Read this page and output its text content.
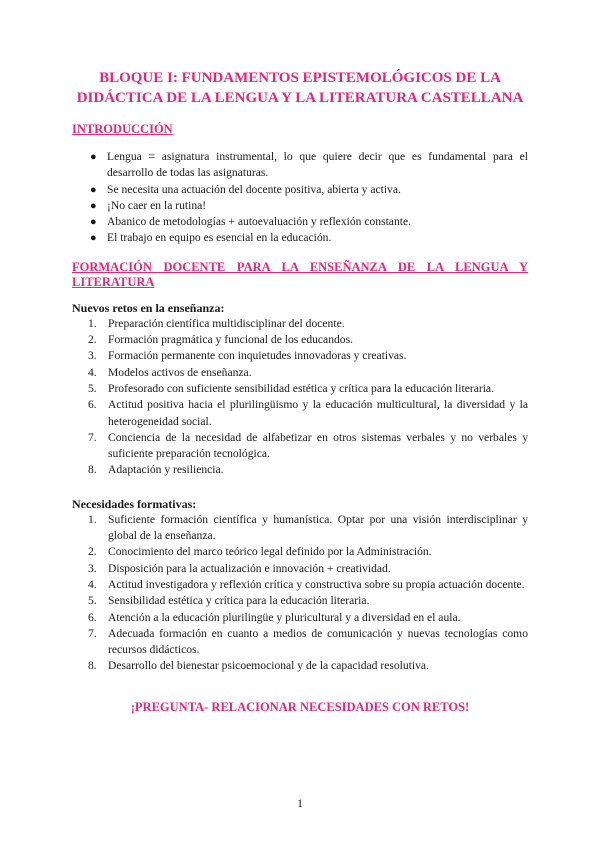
BLOQUE I: FUNDAMENTOS EPISTEMOLÓGICOS DE LA DIDÁCTICA DE LA LENGUA Y LA LITERATURA CASTELLANA
INTRODUCCIÓN
● Lengua = asignatura instrumental, lo que quiere decir que es fundamental para el desarrollo de todas las asignaturas.
● Se necesita una actuación del docente positiva, abierta y activa.
● ¡No caer en la rutina!
● Abanico de metodologías + autoevaluación y reflexión constante.
● El trabajo en equipo es esencial en la educación.
FORMACIÓN DOCENTE PARA LA ENSEÑANZA DE LA LENGUA Y LITERATURA

Nuevos retos en la enseñanza:

1. Preparación científica multidisciplinar del docente.
2. Formación pragmática y funcional de los educandos.
3. Formación permanente con inquietudes innovadoras y creativas.
4. Modelos activos de enseñanza.
5. Profesorado con suficiente sensibilidad estética y crítica para la educación literaria.
6. Actitud positiva hacia el plurilingüismo y la educación multicultural, la diversidad y la heterogeneidad social.
7. Conciencia de la necesidad de alfabetizar en otros sistemas verbales y no verbales y suficiente preparación tecnológica.
8. Adaptación y resiliencia.

Necesidades formativas:

1. Suficiente formación científica y humanística. Optar por una visión interdisciplinar y global de la enseñanza.
2. Conocimiento del marco teórico legal definido por la Administración.
3. Disposición para la actualización e innovación + creatividad.
4. Actitud investigadora y reflexión crítica y constructiva sobre su propia actuación docente.
5. Sensibilidad estética y crítica para la educación literaria.
6. Atención a la educación plurilingüe y pluricultural y a diversidad en el aula.
7. Adecuada formación en cuanto a medios de comunicación y nuevas tecnologías como recursos didácticos.
8. Desarrollo del bienestar psicoemocional y de la capacidad resolutiva.

¡PREGUNTA- RELACIONAR NECESIDADES CON RETOS!

1
